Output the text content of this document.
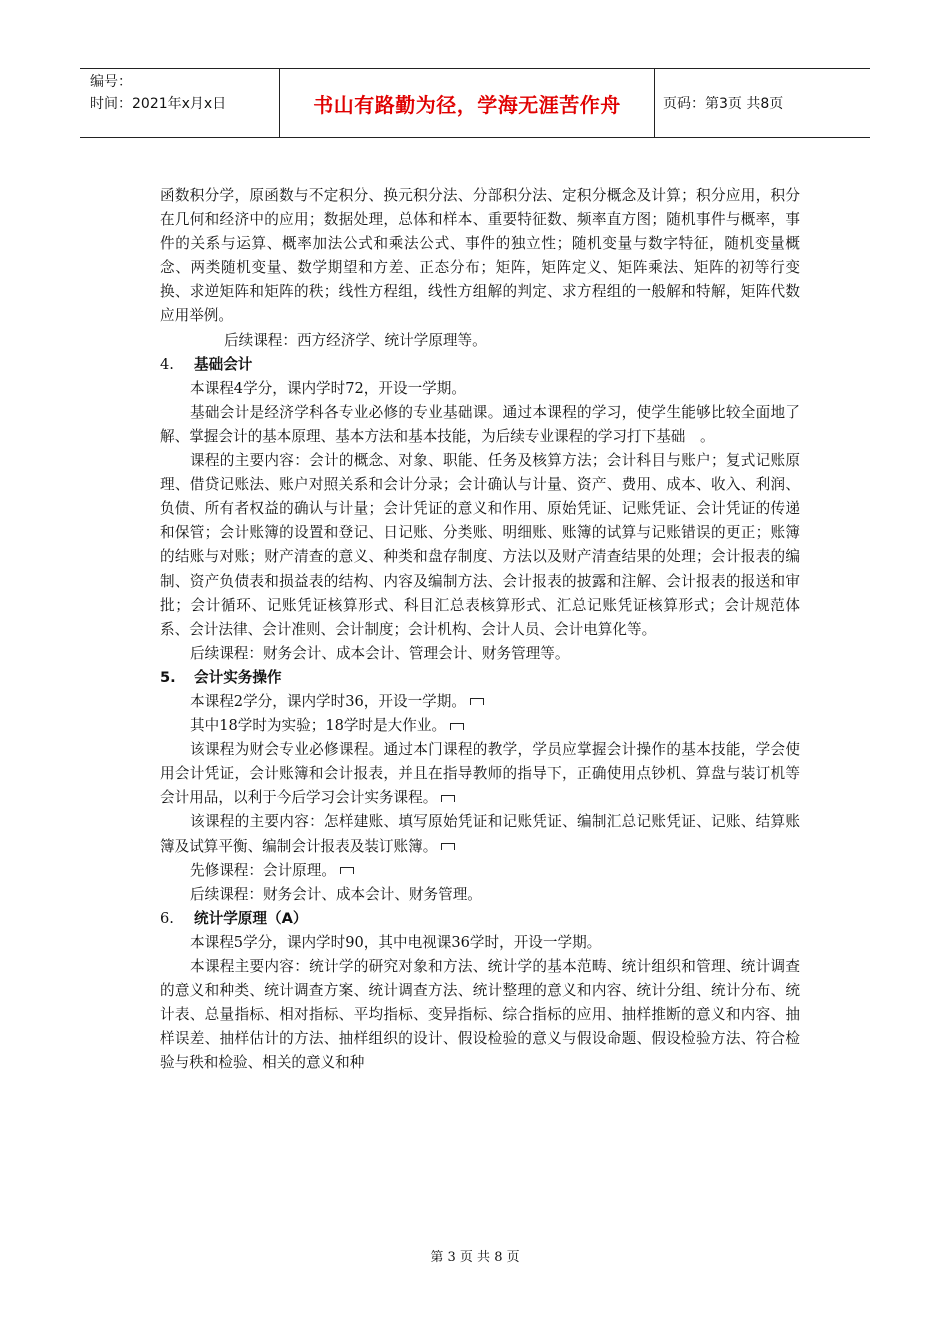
编号：
时间：2021年x月x日	书山有路勤为径，学海无涯苦作舟	页码：第3页 共8页

函数积分学，原函数与不定积分、换元积分法、分部积分法、定积分概念及计算；积分应用，积分在几何和经济中的应用；数据处理，总体和样本、重要特征数、频率直方图；随机事件与概率，事件的关系与运算、概率加法公式和乘法公式、事件的独立性；随机变量与数字特征，随机变量概念、两类随机变量、数学期望和方差、正态分布；矩阵，矩阵定义、矩阵乘法、矩阵的初等行变换、求逆矩阵和矩阵的秩；线性方程组，线性方组解的判定、求方程组的一般解和特解，矩阵代数应用举例。

后续课程：西方经济学、统计学原理等。

4. 基础会计

本课程4学分，课内学时72，开设一学期。

基础会计是经济学科各专业必修的专业基础课。通过本课程的学习，使学生能够比较全面地了解、掌握会计的基本原理、基本方法和基本技能，为后续专业课程的学习打下基础　。

课程的主要内容：会计的概念、对象、职能、任务及核算方法；会计科目与账户；复式记账原理、借贷记账法、账户对照关系和会计分录；会计确认与计量、资产、费用、成本、收入、利润、负债、所有者权益的确认与计量；会计凭证的意义和作用、原始凭证、记账凭证、会计凭证的传递和保管；会计账簿的设置和登记、日记账、分类账、明细账、账簿的试算与记账错误的更正；账簿的结账与对账；财产清查的意义、种类和盘存制度、方法以及财产清查结果的处理；会计报表的编制、资产负债表和损益表的结构、内容及编制方法、会计报表的披露和注解、会计报表的报送和审批；会计循环、记账凭证核算形式、科目汇总表核算形式、汇总记账凭证核算形式；会计规范体系、会计法律、会计准则、会计制度；会计机构、会计人员、会计电算化等。

后续课程：财务会计、成本会计、管理会计、财务管理等。

5. 会计实务操作

本课程2学分，课内学时36，开设一学期。

其中18学时为实验；18学时是大作业。

该课程为财会专业必修课程。通过本门课程的教学，学员应掌握会计操作的基本技能，学会使用会计凭证，会计账簿和会计报表，并且在指导教师的指导下，正确使用点钞机、算盘与装订机等会计用品，以利于今后学习会计实务课程。

该课程的主要内容：怎样建账、填写原始凭证和记账凭证、编制汇总记账凭证、记账、结算账簿及试算平衡、编制会计报表及装订账簿。

先修课程：会计原理。

后续课程：财务会计、成本会计、财务管理。

6. 统计学原理（A）

本课程5学分，课内学时90，其中电视课36学时，开设一学期。

本课程主要内容：统计学的研究对象和方法、统计学的基本范畴、统计组织和管理、统计调查的意义和种类、统计调查方案、统计调查方法、统计整理的意义和内容、统计分组、统计分布、统计表、总量指标、相对指标、平均指标、变异指标、综合指标的应用、抽样推断的意义和内容、抽样误差、抽样估计的方法、抽样组织的设计、假设检验的意义与假设命题、假设检验方法、符合检验与秩和检验、相关的意义和种

第 3 页 共 8 页
